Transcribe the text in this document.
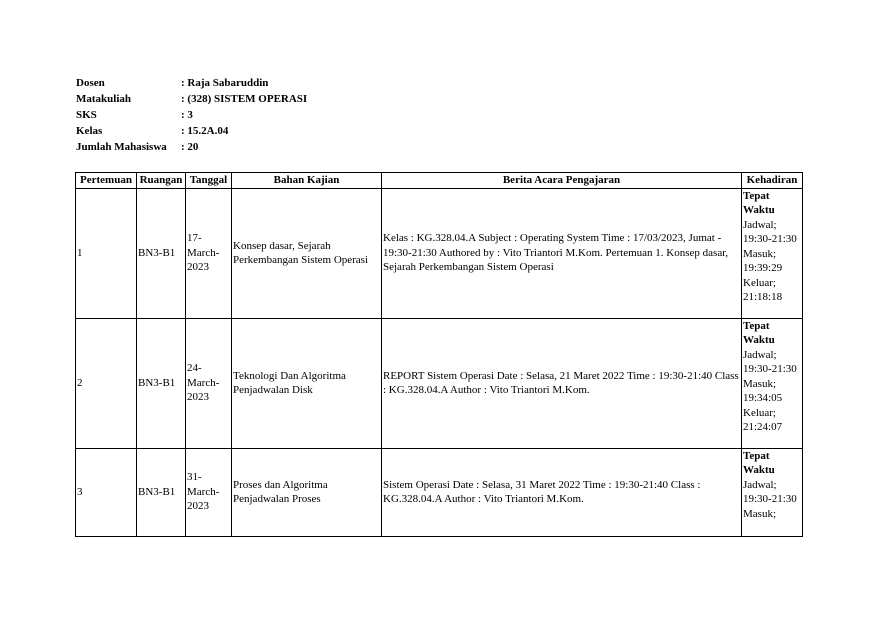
Dosen	: Raja Sabaruddin
Matakuliah	: (328) SISTEM OPERASI
SKS	: 3
Kelas	: 15.2A.04
Jumlah Mahasiswa	: 20
Pertemuan	Ruangan	Tanggal	Bahan Kajian	Berita Acara Pengajaran	Kehadiran
1	BN3-B1	17-March-2023	Konsep dasar, Sejarah Perkembangan Sistem Operasi	Kelas : KG.328.04.A Subject : Operating System Time : 17/03/2023, Jumat - 19:30-21:30 Authored by : Vito Triantori M.Kom. Pertemuan 1. Konsep dasar, Sejarah Perkembangan Sistem Operasi	Tepat Waktu
Jadwal; 19:30-21:30
Masuk; 19:39:29
Keluar; 21:18:18

2	BN3-B1	24-March-2023	Teknologi Dan Algoritma Penjadwalan Disk	REPORT Sistem Operasi Date : Selasa, 21 Maret 2022 Time : 19:30-21:40 Class : KG.328.04.A Author : Vito Triantori M.Kom.	Tepat Waktu
Jadwal; 19:30-21:30
Masuk; 19:34:05
Keluar; 21:24:07

3	BN3-B1	31-March-2023	Proses dan Algoritma Penjadwalan Proses	Sistem Operasi Date : Selasa, 31 Maret 2022 Time : 19:30-21:40 Class : KG.328.04.A Author : Vito Triantori M.Kom.	Tepat Waktu
Jadwal; 19:30-21:30
Masuk;
